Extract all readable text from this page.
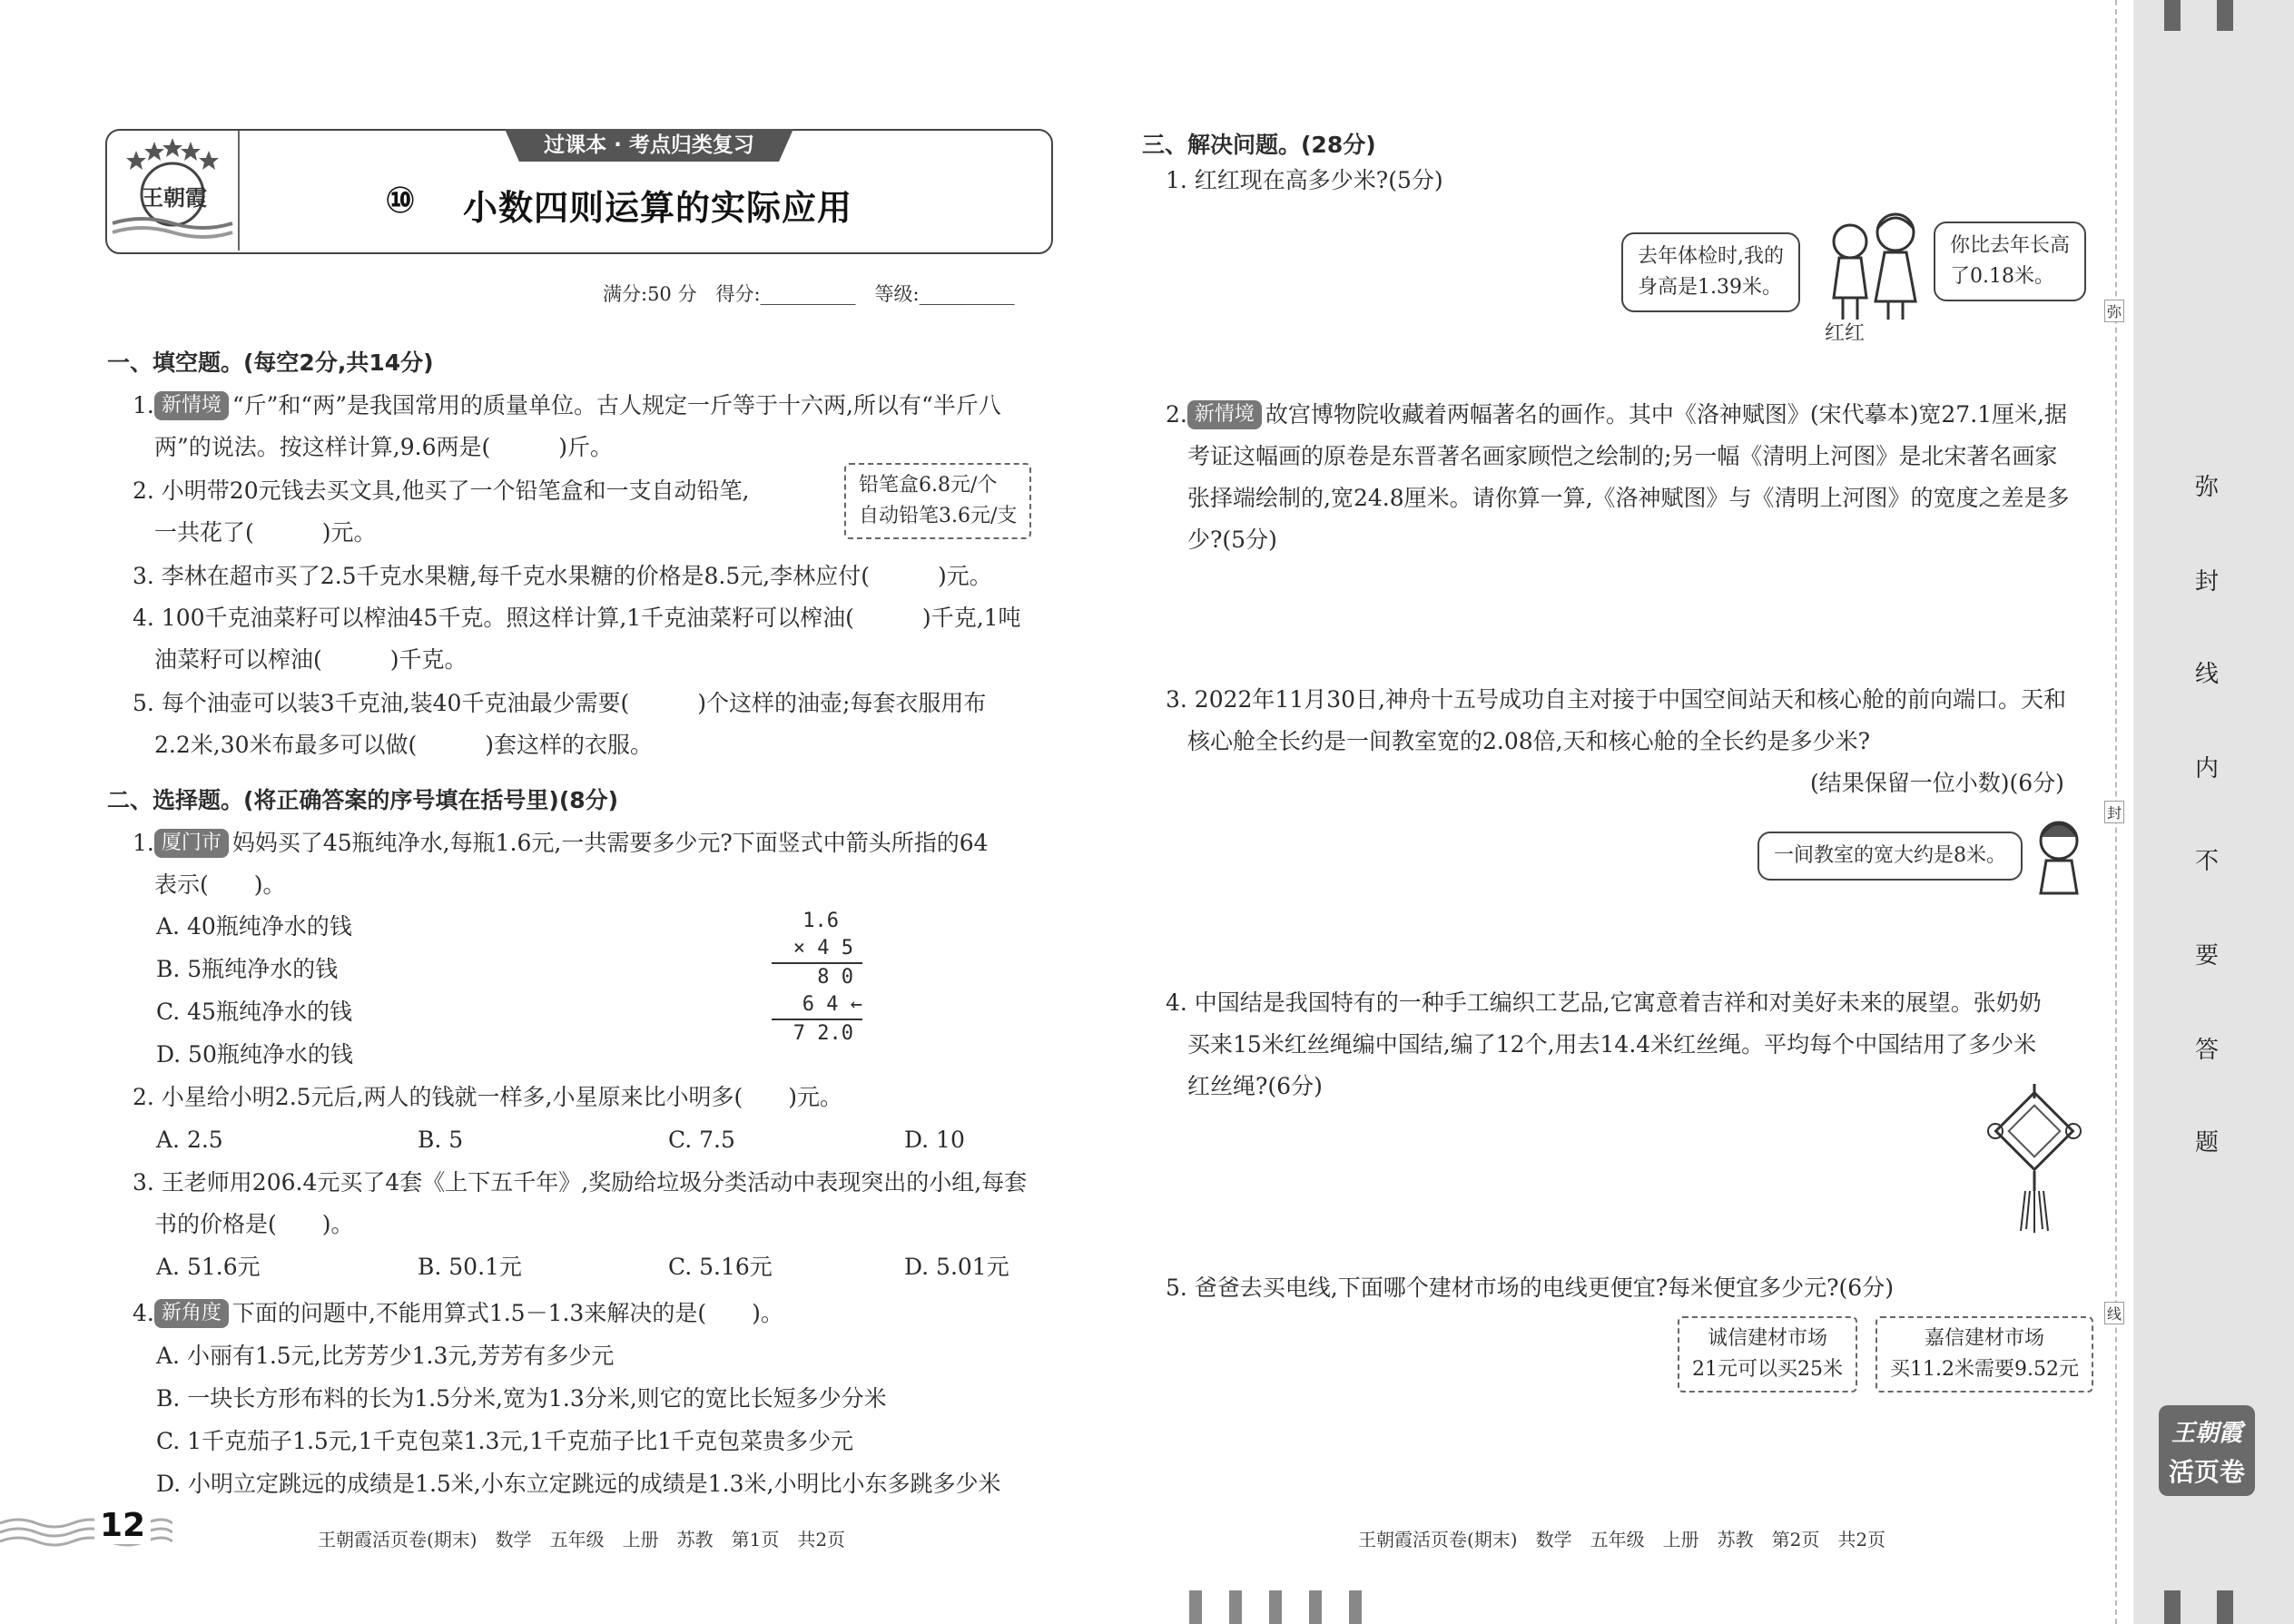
王朝霞
过课本 · 考点归类复习
⑩ 小数四则运算的实际应用
满分:50 分　得分:__________　等级:__________
一、填空题。(每空2分,共14分)
1. 新情境 “斤”和“两”是我国常用的质量单位。古人规定一斤等于十六两,所以有“半斤八
两”的说法。按这样计算,9.6两是(　　　)斤。
2. 小明带20元钱去买文具,他买了一个铅笔盒和一支自动铅笔,
一共花了(　　　)元。
铅笔盒6.8元/个
自动铅笔3.6元/支
3. 李林在超市买了2.5千克水果糖,每千克水果糖的价格是8.5元,李林应付(　　　)元。
4. 100千克油菜籽可以榨油45千克。照这样计算,1千克油菜籽可以榨油(　　　)千克,1吨
油菜籽可以榨油(　　　)千克。
5. 每个油壶可以装3千克油,装40千克油最少需要(　　　)个这样的油壶;每套衣服用布
2.2米,30米布最多可以做(　　　)套这样的衣服。
二、选择题。(将正确答案的序号填在括号里)(8分)
1. 厦门市 妈妈买了45瓶纯净水,每瓶1.6元,一共需要多少元?下面竖式中箭头所指的64
表示(　　)。
A. 40瓶纯净水的钱
B. 5瓶纯净水的钱
C. 45瓶纯净水的钱
D. 50瓶纯净水的钱
1.6
× 4 5
8 0
6 4 ←
7 2.0
2. 小星给小明2.5元后,两人的钱就一样多,小星原来比小明多(　　)元。
A. 2.5	B. 5	C. 7.5	D. 10
3. 王老师用206.4元买了4套《上下五千年》,奖励给垃圾分类活动中表现突出的小组,每套
书的价格是(　　)。
A. 51.6元	B. 50.1元	C. 5.16元	D. 5.01元
4. 新角度 下面的问题中,不能用算式1.5－1.3来解决的是(　　)。
A. 小丽有1.5元,比芳芳少1.3元,芳芳有多少元
B. 一块长方形布料的长为1.5分米,宽为1.3分米,则它的宽比长短多少分米
C. 1千克茄子1.5元,1千克包菜1.3元,1千克茄子比1千克包菜贵多少元
D. 小明立定跳远的成绩是1.5米,小东立定跳远的成绩是1.3米,小明比小东多跳多少米
12	王朝霞活页卷(期末)　数学　五年级　上册　苏教　第1页　共2页
三、解决问题。(28分)
1. 红红现在高多少米?(5分)
去年体检时,我的
身高是1.39米。
红红
你比去年长高
了0.18米。
2. 新情境 故宫博物院收藏着两幅著名的画作。其中《洛神赋图》(宋代摹本)宽27.1厘米,据
考证这幅画的原卷是东晋著名画家顾恺之绘制的;另一幅《清明上河图》是北宋著名画家
张择端绘制的,宽24.8厘米。请你算一算,《洛神赋图》与《清明上河图》的宽度之差是多
少?(5分)
3. 2022年11月30日,神舟十五号成功自主对接于中国空间站天和核心舱的前向端口。天和
核心舱全长约是一间教室宽的2.08倍,天和核心舱的全长约是多少米?
(结果保留一位小数)(6分)
一间教室的宽大约是8米。
4. 中国结是我国特有的一种手工编织工艺品,它寓意着吉祥和对美好未来的展望。张奶奶
买来15米红丝绳编中国结,编了12个,用去14.4米红丝绳。平均每个中国结用了多少米
红丝绳?(6分)
5. 爸爸去买电线,下面哪个建材市场的电线更便宜?每米便宜多少元?(6分)
诚信建材市场
21元可以买25米
嘉信建材市场
买11.2米需要9.52元
王朝霞活页卷(期末)　数学　五年级　上册　苏教　第2页　共2页
弥
封
线
弥
封
线
内
不
要
答
题
王朝霞
活页卷
